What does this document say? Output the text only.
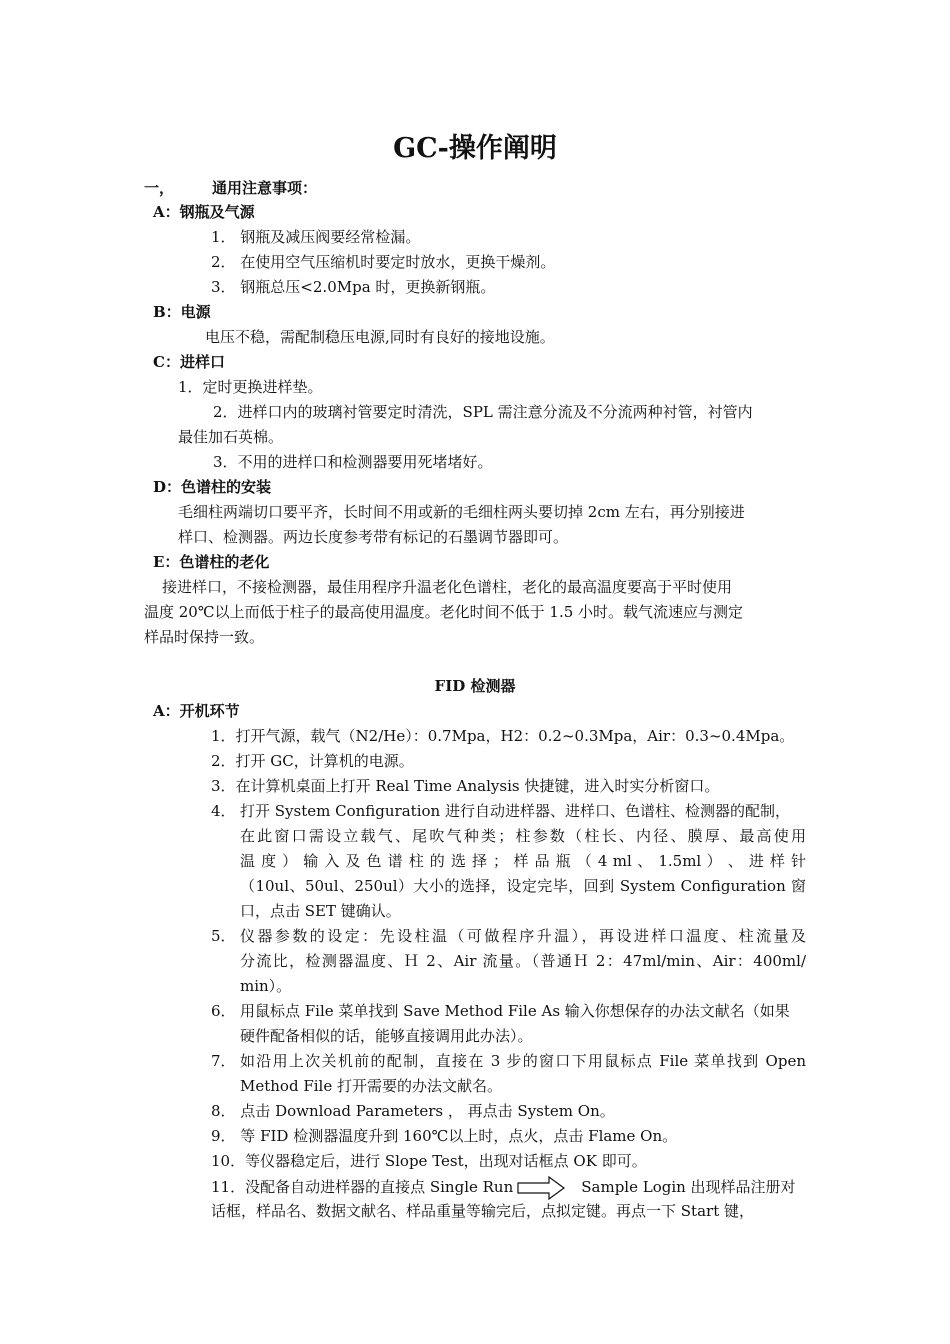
GC-操作阐明
一，	通用注意事项：
A：钢瓶及气源
1． 钢瓶及减压阀要经常检漏。
2． 在使用空气压缩机时要定时放水，更换干燥剂。
3． 钢瓶总压<2.0Mpa 时，更换新钢瓶。
B：电源
电压不稳，需配制稳压电源,同时有良好的接地设施。
C：进样口
1．定时更换进样垫。
2．进样口内的玻璃衬管要定时清洗，SPL 需注意分流及不分流两种衬管，衬管内
最佳加石英棉。
3．不用的进样口和检测器要用死堵堵好。
D：色谱柱的安装
毛细柱两端切口要平齐，长时间不用或新的毛细柱两头要切掉 2cm 左右，再分别接进
样口、检测器。两边长度参考带有标记的石墨调节器即可。
E：色谱柱的老化
接进样口，不接检测器，最佳用程序升温老化色谱柱，老化的最高温度要高于平时使用
温度 20℃以上而低于柱子的最高使用温度。老化时间不低于 1.5 小时。载气流速应与测定
样品时保持一致。
FID 检测器
A：开机环节
1．打开气源，载气（N2/He）：0.7Mpa，H2：0.2~0.3Mpa，Air：0.3~0.4Mpa。
2．打开 GC，计算机的电源。
3．在计算机桌面上打开 Real Time Analysis 快捷键，进入时实分析窗口。
4． 打开 System Configuration 进行自动进样器、进样口、色谱柱、检测器的配制，
在此窗口需设立载气、尾吹气种类；柱参数（柱长、内径、膜厚、最高使用
温 度 ） 输 入 及 色 谱 柱 的 选 择 ； 样 品 瓶 （ 4 ml 、 1.5ml ） 、 进 样 针
（10ul、50ul、250ul）大小的选择，设定完毕，回到 System Configuration 窗
口，点击 SET 键确认。
5． 仪器参数的设定：先设柱温（可做程序升温），再设进样口温度、柱流量及
分流比，检测器温度、Ｈ 2、Air 流量。（普通Ｈ 2：47ml/min、Air：400ml/
min）。
6． 用鼠标点 File 菜单找到 Save Method File As 输入你想保存的办法文献名（如果
硬件配备相似的话，能够直接调用此办法）。
7． 如沿用上次关机前的配制，直接在 3 步的窗口下用鼠标点 File 菜单找到 Open
Method File 打开需要的办法文献名。
8． 点击 Download Parameters ， 再点击 System On。
9． 等 FID 检测器温度升到 160℃以上时，点火，点击 Flame On。
10．等仪器稳定后，进行 Slope Test，出现对话框点 OK 即可。
11．没配备自动进样器的直接点 Single Run	Sample Login 出现样品注册对
话框，样品名、数据文献名、样品重量等输完后，点拟定键。再点一下 Start 键，
